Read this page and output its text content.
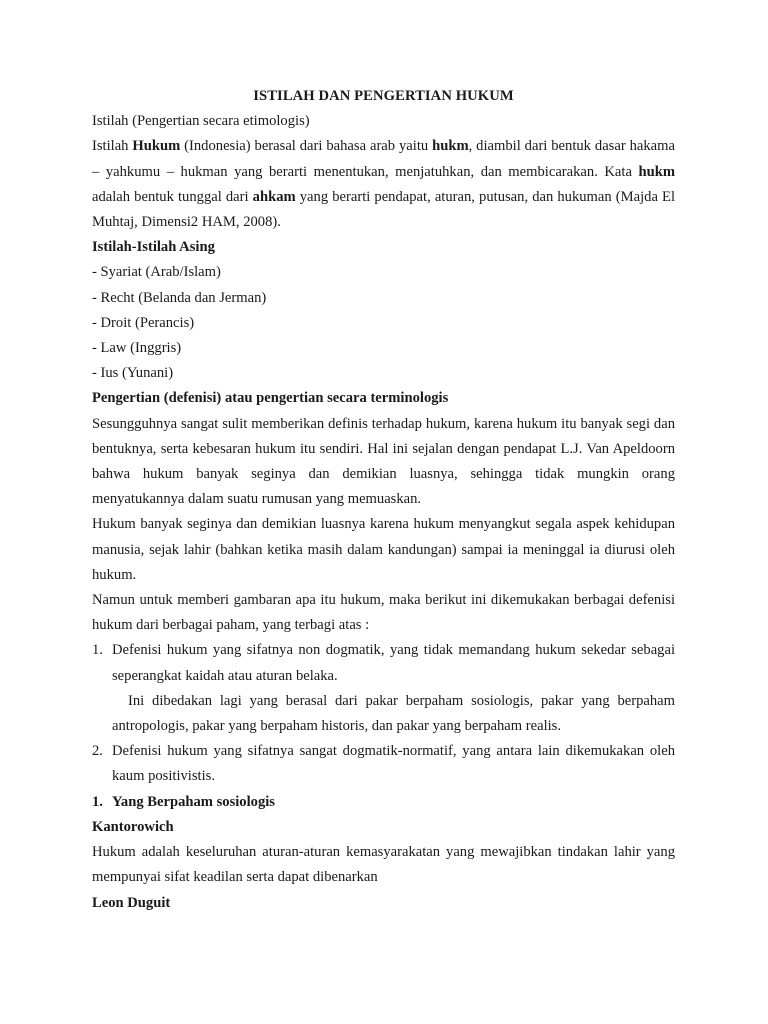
ISTILAH DAN PENGERTIAN HUKUM

Istilah (Pengertian secara etimologis)

Istilah Hukum (Indonesia) berasal dari bahasa arab yaitu hukm, diambil dari bentuk dasar hakama – yahkumu – hukman yang berarti menentukan, menjatuhkan, dan membicarakan. Kata hukm adalah bentuk tunggal dari ahkam yang berarti pendapat, aturan, putusan, dan hukuman (Majda El Muhtaj, Dimensi2 HAM, 2008).

Istilah-Istilah Asing

- Syariat (Arab/Islam)

- Recht (Belanda dan Jerman)

- Droit (Perancis)

- Law (Inggris)

- Ius (Yunani)

Pengertian (defenisi) atau pengertian secara terminologis

Sesungguhnya sangat sulit memberikan definis terhadap hukum, karena hukum itu banyak segi dan bentuknya, serta kebesaran hukum itu sendiri. Hal ini sejalan dengan pendapat L.J. Van Apeldoorn bahwa hukum banyak seginya dan demikian luasnya, sehingga tidak mungkin orang menyatukannya dalam suatu rumusan yang memuaskan.

Hukum banyak seginya dan demikian luasnya karena hukum menyangkut segala aspek kehidupan manusia, sejak lahir (bahkan ketika masih dalam kandungan) sampai ia meninggal ia diurusi oleh hukum.

Namun untuk memberi gambaran apa itu hukum, maka berikut ini dikemukakan berbagai defenisi hukum dari berbagai paham, yang terbagi atas :

1. Defenisi hukum yang sifatnya non dogmatik, yang tidak memandang hukum sekedar sebagai seperangkat kaidah atau aturan belaka.

Ini dibedakan lagi yang berasal dari pakar berpaham sosiologis, pakar yang berpaham antropologis, pakar yang berpaham historis, dan pakar yang berpaham realis.

2. Defenisi hukum yang sifatnya sangat dogmatik-normatif, yang antara lain dikemukakan oleh kaum positivistis.

1. Yang Berpaham sosiologis

Kantorowich

Hukum adalah keseluruhan aturan-aturan kemasyarakatan yang mewajibkan tindakan lahir yang mempunyai sifat keadilan serta dapat dibenarkan

Leon Duguit
